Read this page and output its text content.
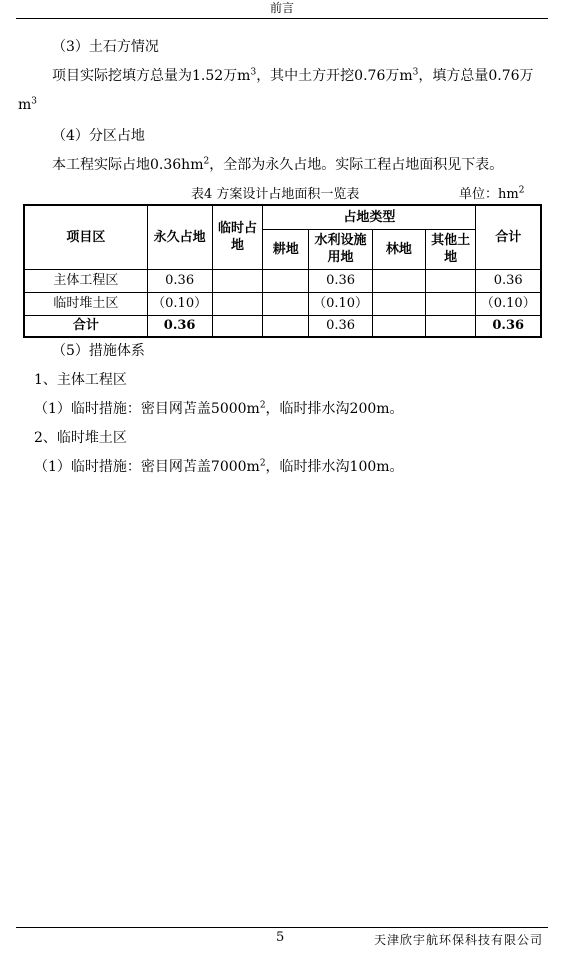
前言
（3）土石方情况
项目实际挖填方总量为1.52万$m^3$，其中土方开挖0.76万$m^3$，填方总量0.76万
$m^3$
（4）分区占地
本工程实际占地$0.36hm^2$，全部为永久占地。实际工程占地面积见下表。
表4 方案设计占地面积一览表	单位：$hm^2$
项目区	永久占地	临时占地	占地类型				合计
			耕地	水利设施用地	林地	其他土地	
主体工程区	0.36			0.36			0.36
临时堆土区	（0.10）			（0.10）			（0.10）
合计	0.36			0.36			0.36
（5）措施体系
1、主体工程区
（1）临时措施：密目网苫盖$5000m^2$，临时排水沟200m。
2、临时堆土区
（1）临时措施：密目网苫盖$7000m^2$，临时排水沟100m。
5	天津欣宇航环保科技有限公司
